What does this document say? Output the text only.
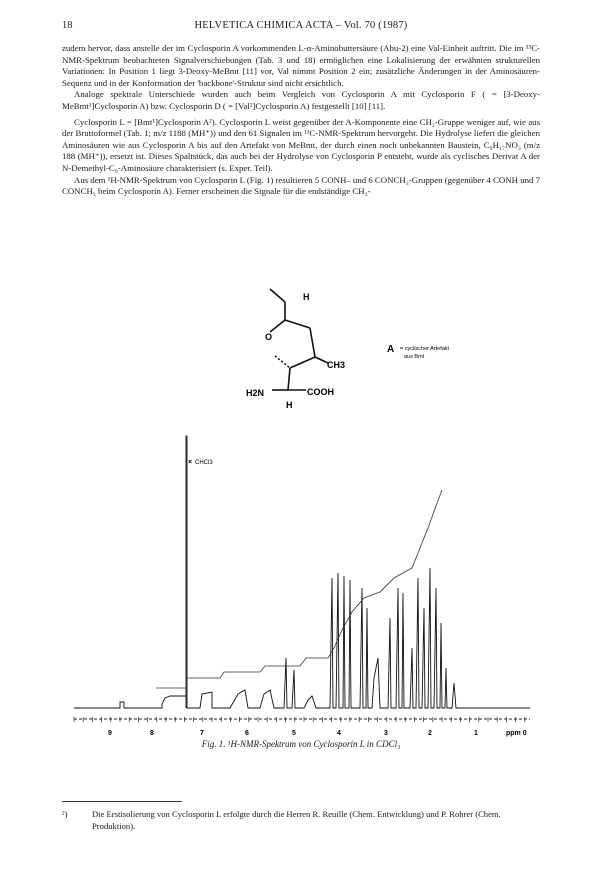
18	HELVETICA CHIMICA ACTA – Vol. 70 (1987)

zudem hervor, dass anstelle der im Cyclosporin A vorkommenden L-α-Aminobuttersäure (Abu-2) eine Val-Einheit auftritt. Die im ¹³C-NMR-Spektrum beobachteten Signalverschiebungen (Tab. 3 und 18) ermöglichen eine Lokalisierung der erwähnten strukturellen Variationen: In Position 1 liegt 3-Deoxy-MeBmt [11] vor, Val nimmt Position 2 ein; zusätzliche Änderungen in der Aminosäuren-Sequenz und in der Konformation der 'backbone'-Struktur sind nicht ersichtlich.

Analoge spektrale Unterschiede wurden auch beim Vergleich von Cyclosporin A mit Cyclosporin F ( = [3-Deoxy-MeBmt¹]Cyclosporin A) bzw. Cyclosporin D ( = [Val²]Cyclosporin A) festgestellt [10] [11].

Cyclosporin L = [Bmt¹]Cyclosporin A²). Cyclosporin L weist gegenüber der A-Komponente eine CH₂-Gruppe weniger auf, wie aus der Bruttoformel (Tab. 1; m/z 1188 (MH⁺)) und den 61 Signalen im ¹³C-NMR-Spektrum hervorgeht. Die Hydrolyse liefert die gleichen Aminosäuren wie aus Cyclosporin A bis auf den Artefakt von MeBmt, der durch einen noch unbekannten Baustein, C₉H₁₇NO₃ (m/z 188 (MH⁺)), ersetzt ist. Dieses Spaltstück, das auch bei der Hydrolyse von Cyclosporin P entsteht, wurde als cyclisches Derivat A der N-Demethyl-C₉-Aminosäure charakterisiert (s. Exper. Teil).

Aus dem ¹H-NMR-Spektrum von Cyclosporin L (Fig. 1) resultieren 5 CONH– und 6 CONCH₃-Gruppen (gegenüber 4 CONH und 7 CONCH₃ beim Cyclosporin A). Ferner erscheinen die Signale für die endständige CH₃-

H
O
CH3
H2N
H
COOH
A = cyclischer Artefakt
aus Bmt
9	8	7	6	5	4	3	2	1	ppm 0
× CHCl3
Fig. 1. ¹H-NMR-Spektrum von Cyclosporin L in CDCl₃
²)	Die Erstisolierung von Cyclosporin L erfolgte durch die Herren R. Reuille (Chem. Entwicklung) und P. Rohrer (Chem. Produktion).
